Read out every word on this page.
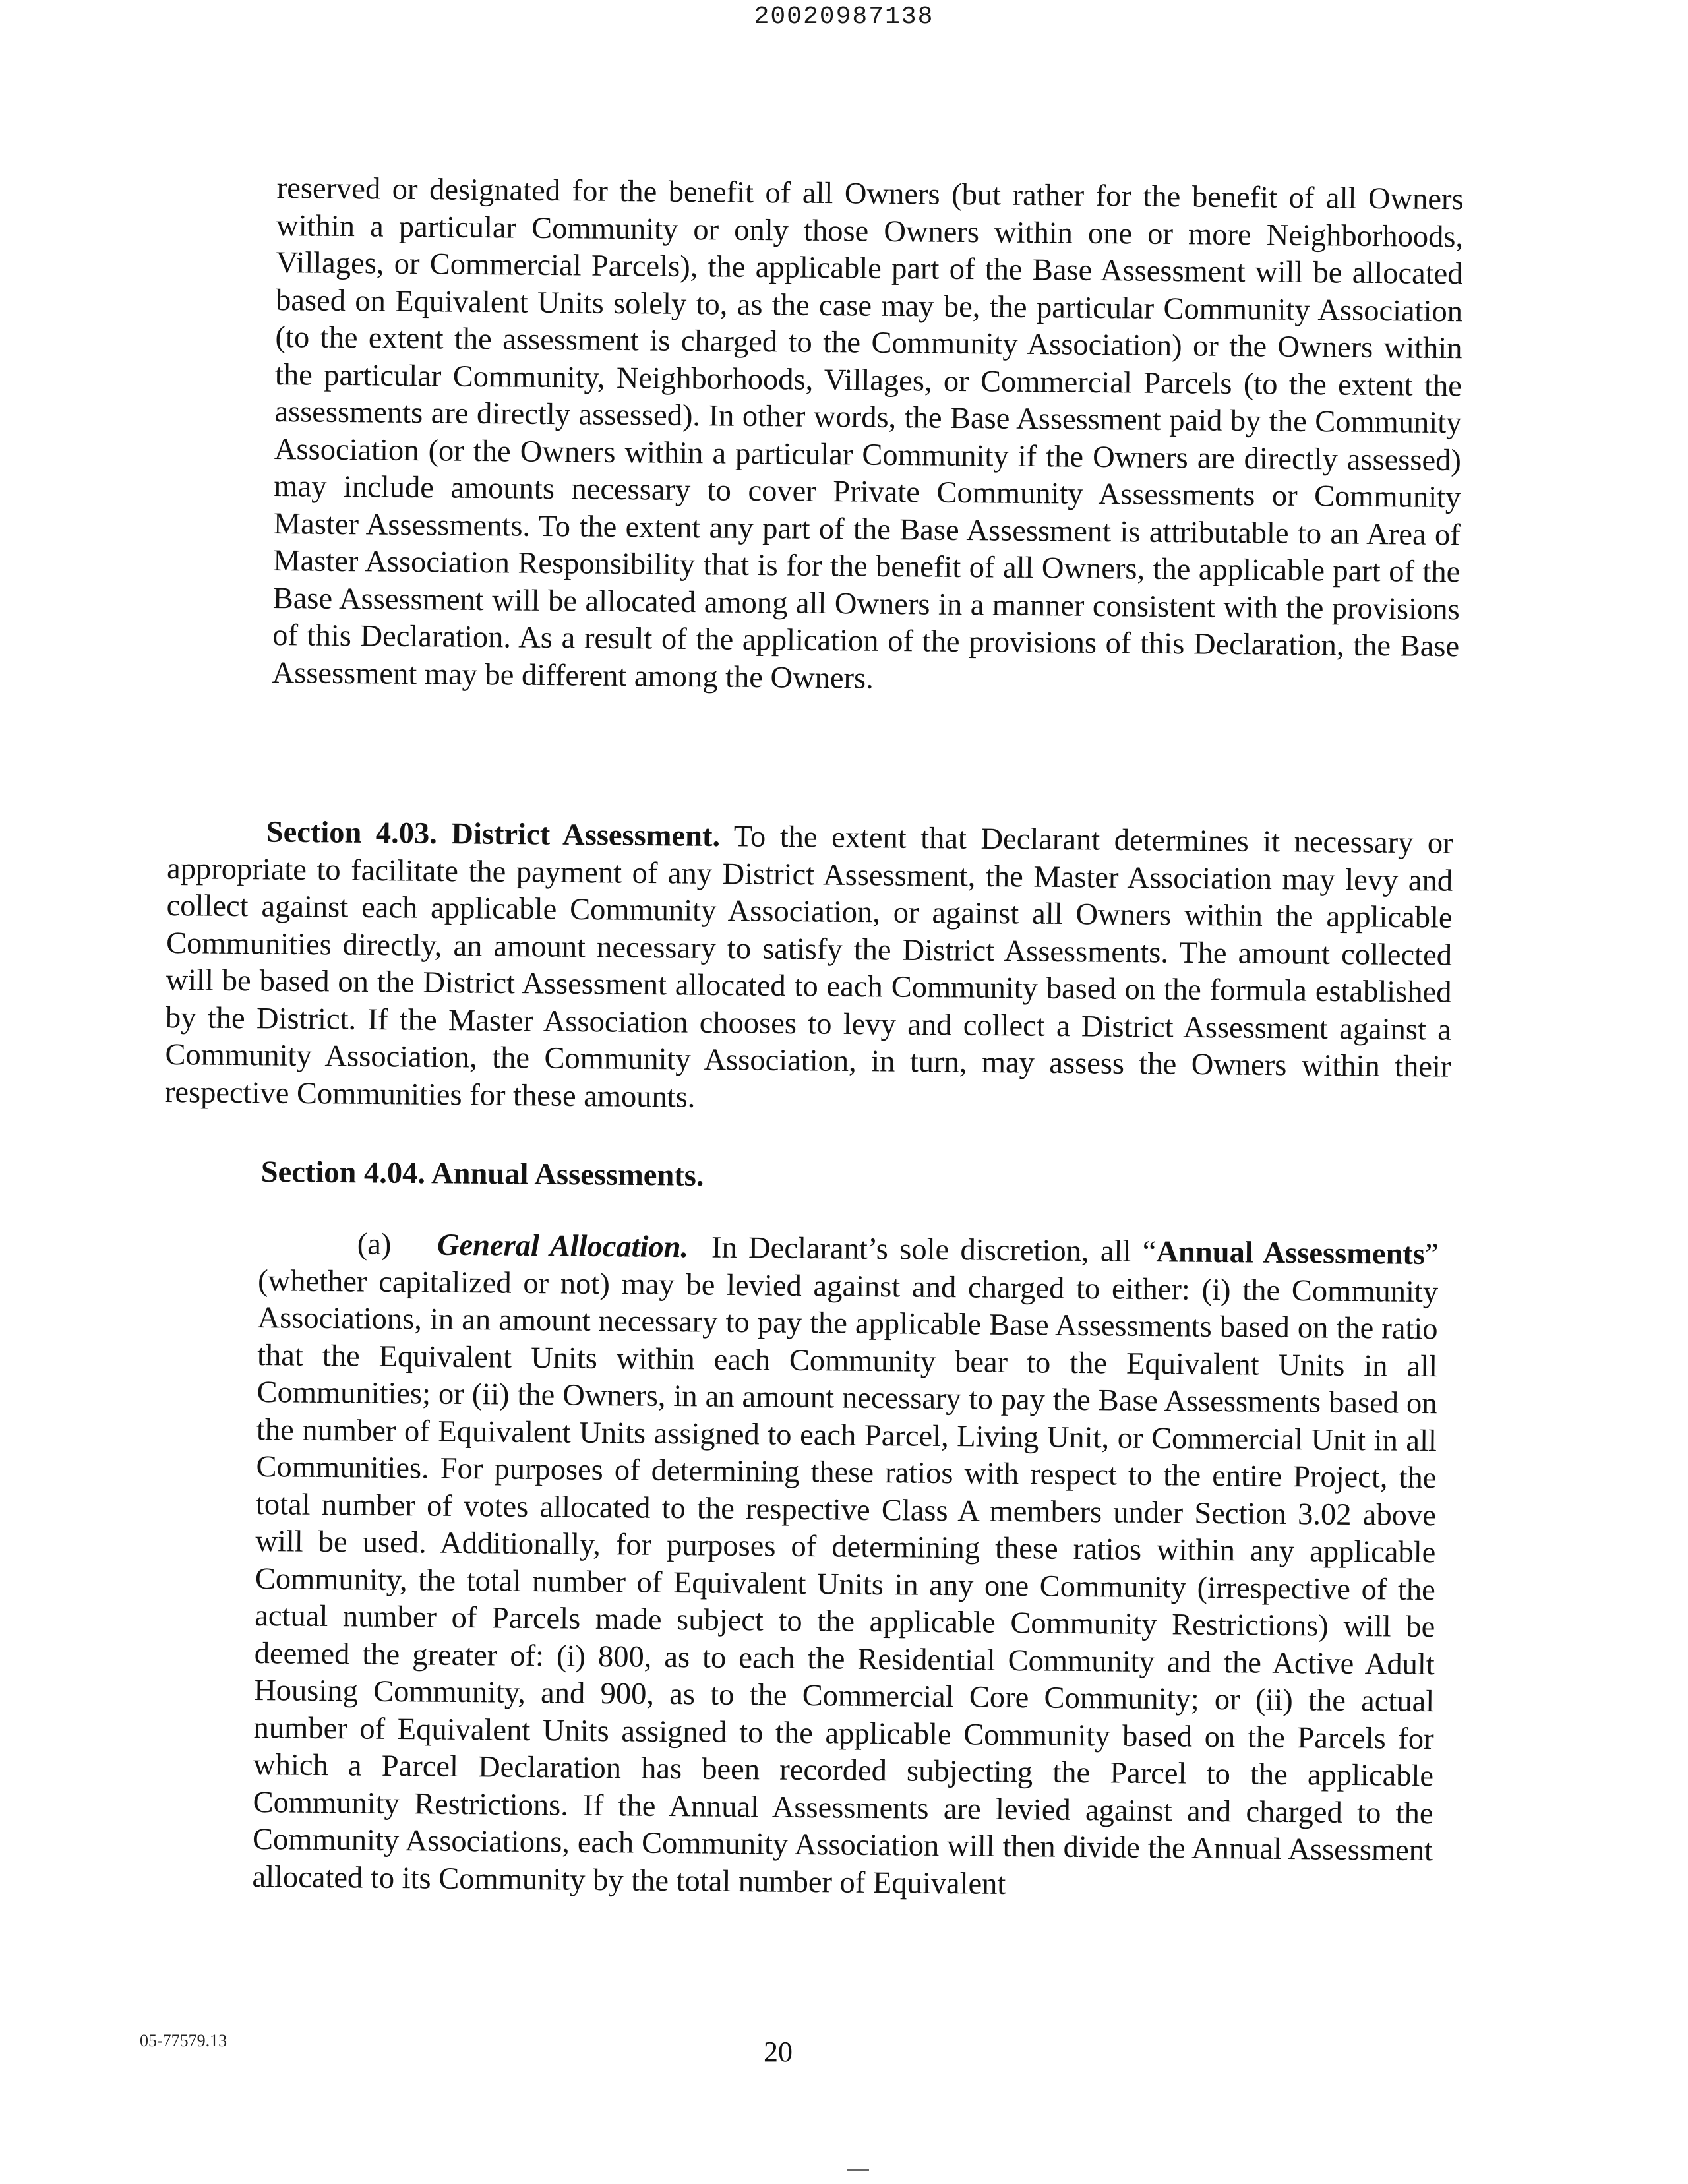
20020987138

reserved or designated for the benefit of all Owners (but rather for the benefit of all Owners within a particular Community or only those Owners within one or more Neighborhoods, Villages, or Commercial Parcels), the applicable part of the Base Assessment will be allocated based on Equivalent Units solely to, as the case may be, the particular Community Association (to the extent the assessment is charged to the Community Association) or the Owners within the particular Community, Neighborhoods, Villages, or Commercial Parcels (to the extent the assessments are directly assessed). In other words, the Base Assessment paid by the Community Association (or the Owners within a particular Community if the Owners are directly assessed) may include amounts necessary to cover Private Community Assessments or Community Master Assessments. To the extent any part of the Base Assessment is attributable to an Area of Master Association Responsibility that is for the benefit of all Owners, the applicable part of the Base Assessment will be allocated among all Owners in a manner consistent with the provisions of this Declaration. As a result of the application of the provisions of this Declaration, the Base Assessment may be different among the Owners.

Section 4.03. District Assessment. To the extent that Declarant determines it necessary or appropriate to facilitate the payment of any District Assessment, the Master Association may levy and collect against each applicable Community Association, or against all Owners within the applicable Communities directly, an amount necessary to satisfy the District Assessments. The amount collected will be based on the District Assessment allocated to each Community based on the formula established by the District. If the Master Association chooses to levy and collect a District Assessment against a Community Association, the Community Association, in turn, may assess the Owners within their respective Communities for these amounts.

Section 4.04. Annual Assessments.

(a) General Allocation. In Declarant’s sole discretion, all “Annual Assessments” (whether capitalized or not) may be levied against and charged to either: (i) the Community Associations, in an amount necessary to pay the applicable Base Assessments based on the ratio that the Equivalent Units within each Community bear to the Equivalent Units in all Communities; or (ii) the Owners, in an amount necessary to pay the Base Assessments based on the number of Equivalent Units assigned to each Parcel, Living Unit, or Commercial Unit in all Communities. For purposes of determining these ratios with respect to the entire Project, the total number of votes allocated to the respective Class A members under Section 3.02 above will be used. Additionally, for purposes of determining these ratios within any applicable Community, the total number of Equivalent Units in any one Community (irrespective of the actual number of Parcels made subject to the applicable Community Restrictions) will be deemed the greater of: (i) 800, as to each the Residential Community and the Active Adult Housing Community, and 900, as to the Commercial Core Community; or (ii) the actual number of Equivalent Units assigned to the applicable Community based on the Parcels for which a Parcel Declaration has been recorded subjecting the Parcel to the applicable Community Restrictions. If the Annual Assessments are levied against and charged to the Community Associations, each Community Association will then divide the Annual Assessment allocated to its Community by the total number of Equivalent

05-77579.13	20
